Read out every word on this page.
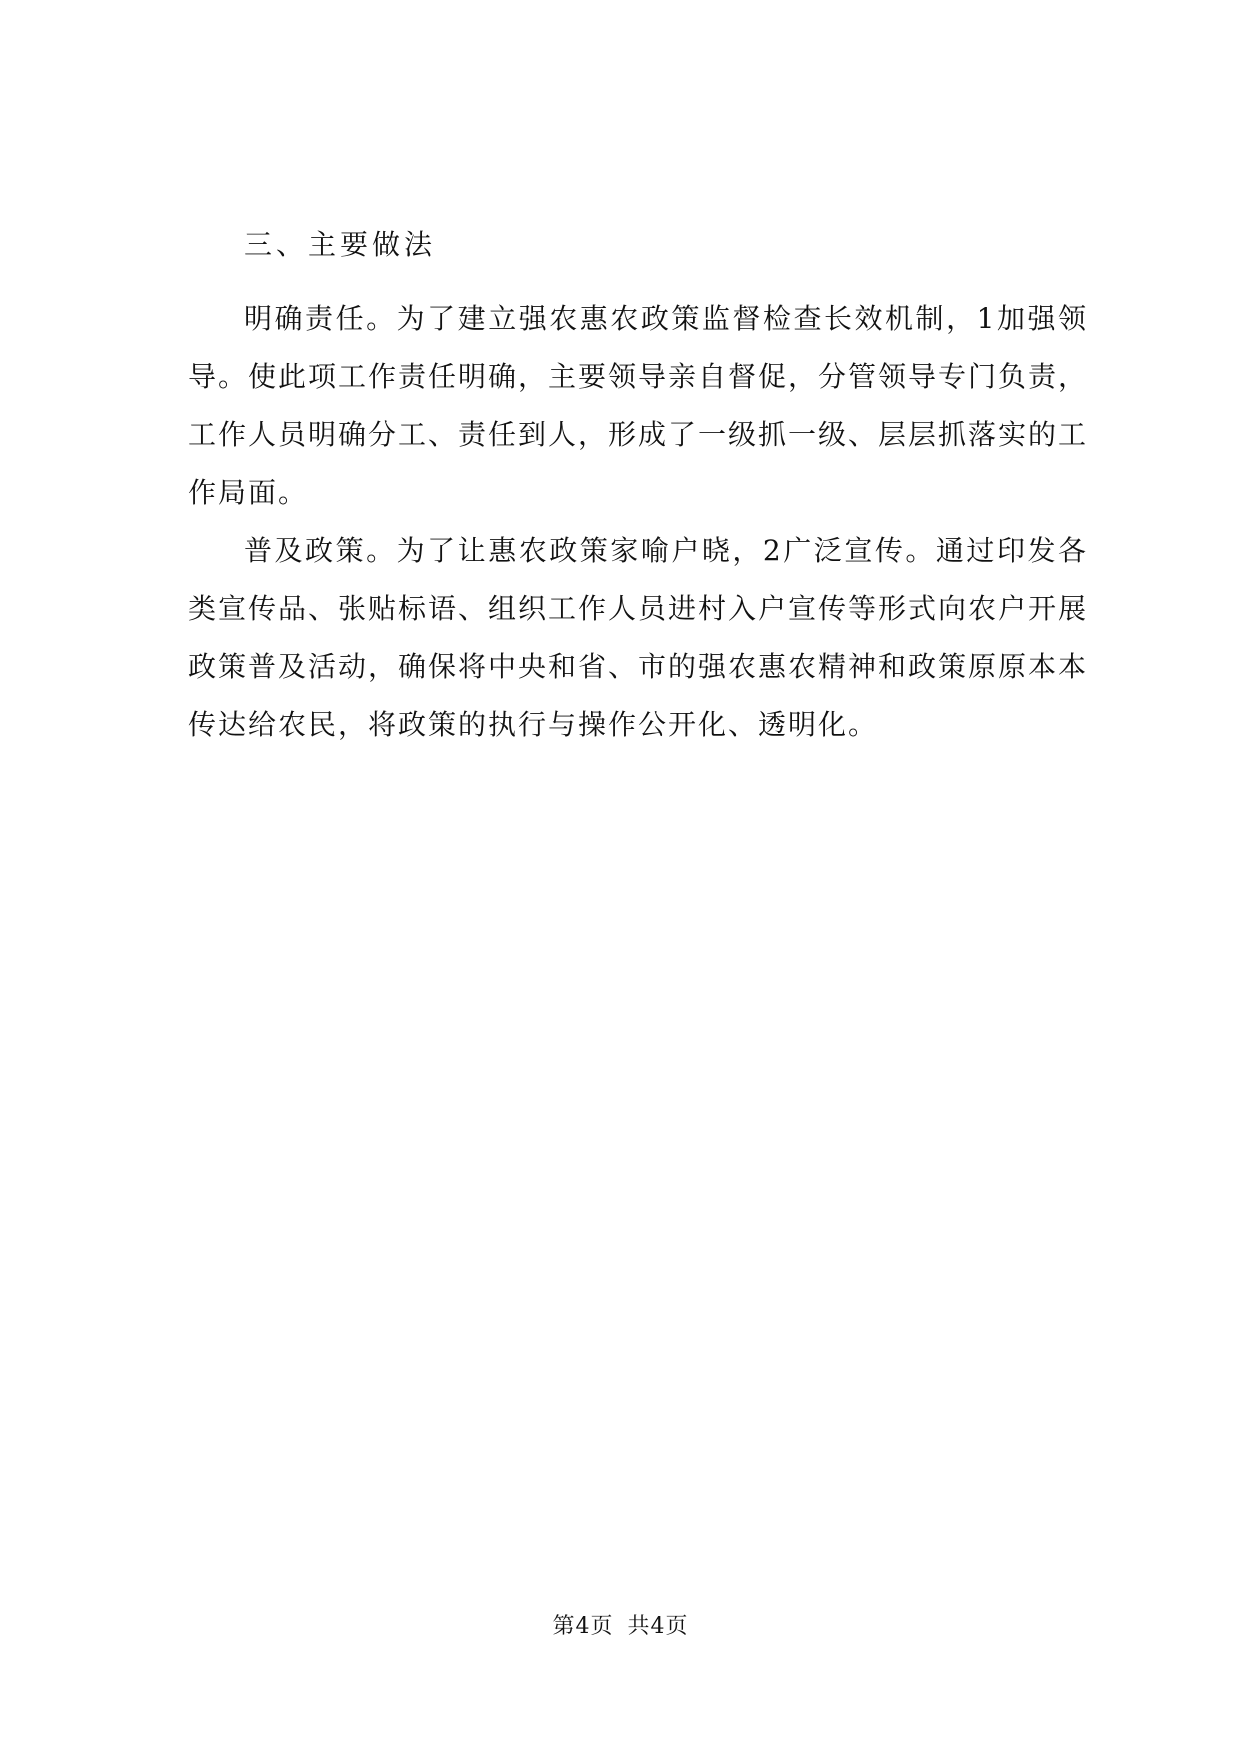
三、主要做法

明确责任。为了建立强农惠农政策监督检查长效机制，1加强领导。使此项工作责任明确，主要领导亲自督促，分管领导专门负责，工作人员明确分工、责任到人，形成了一级抓一级、层层抓落实的工作局面。

普及政策。为了让惠农政策家喻户晓，2广泛宣传。通过印发各类宣传品、张贴标语、组织工作人员进村入户宣传等形式向农户开展政策普及活动，确保将中央和省、市的强农惠农精神和政策原原本本传达给农民，将政策的执行与操作公开化、透明化。

第4页 共4页
